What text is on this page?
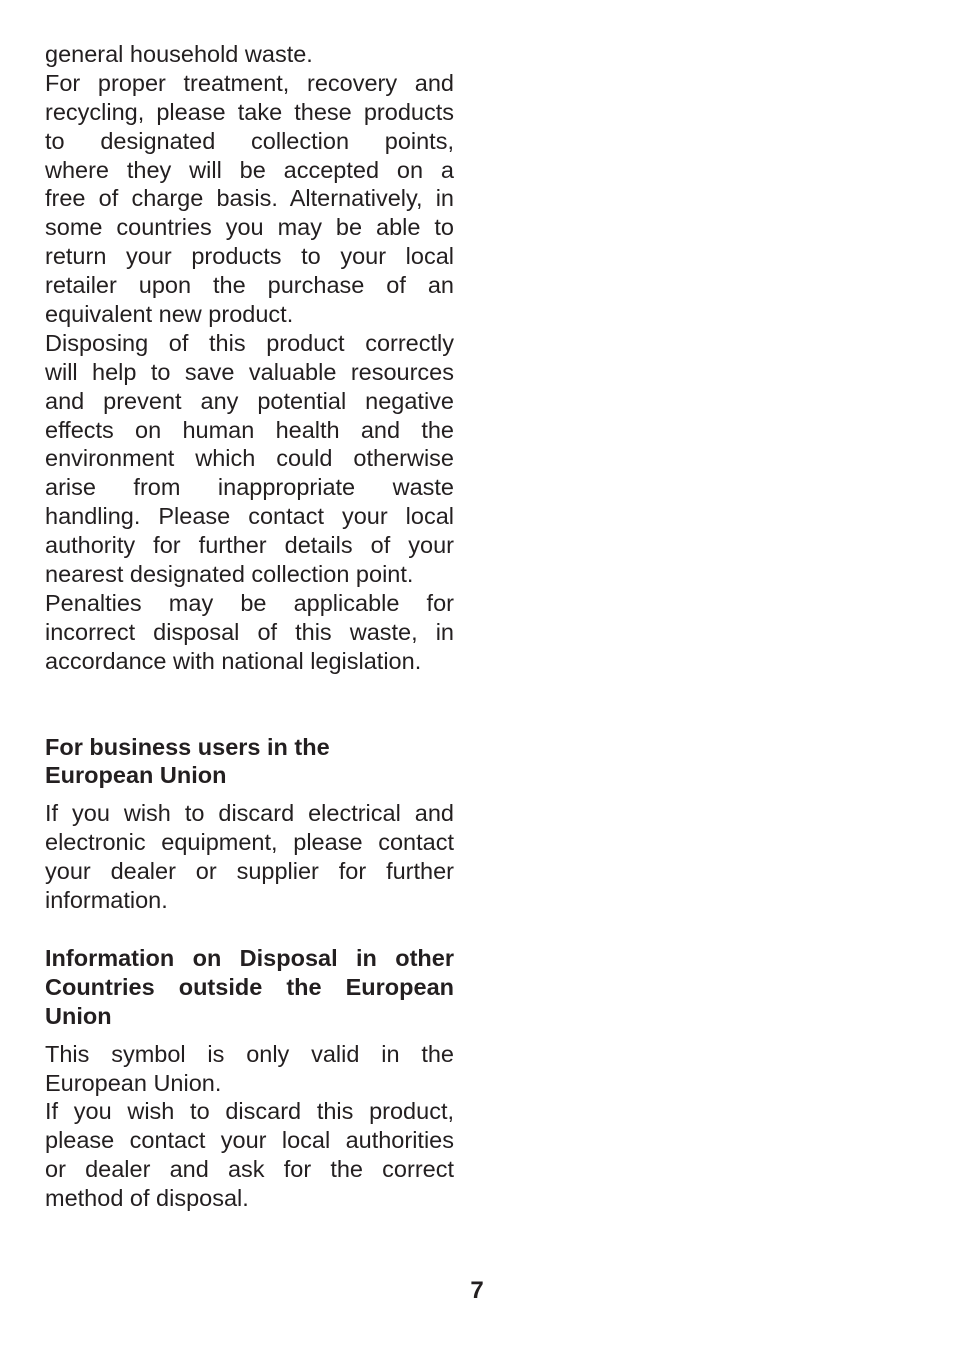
general household waste.
For proper treatment, recovery and
recycling, please take these products
to designated collection points,
where they will be accepted on a
free of charge basis. Alternatively, in
some countries you may be able to
return your products to your local
retailer upon the purchase of an
equivalent new product.
Disposing of this product correctly
will help to save valuable resources
and prevent any potential negative
effects on human health and the
environment which could otherwise
arise from inappropriate waste
handling. Please contact your local
authority for further details of your
nearest designated collection point.
Penalties may be applicable for
incorrect disposal of this waste, in
accordance with national legislation.
For business users in the
European Union
If you wish to discard electrical and
electronic equipment, please contact
your dealer or supplier for further
information.
Information on Disposal in other
Countries outside the European
Union
This symbol is only valid in the
European Union.
If you wish to discard this product,
please contact your local authorities
or dealer and ask for the correct
method of disposal.
7
